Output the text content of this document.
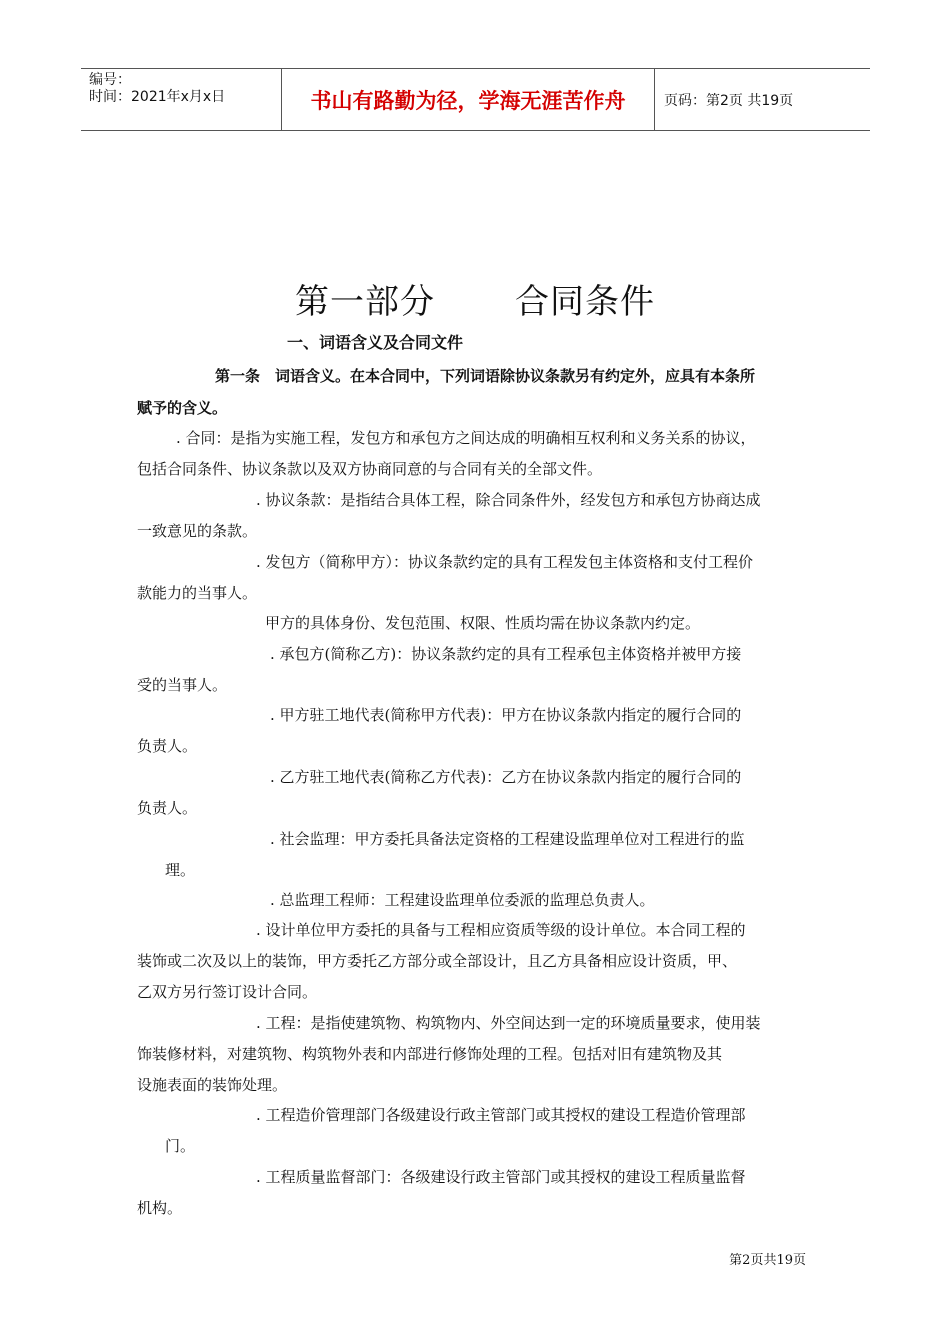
编号：
时间：2021年x月x日	书山有路勤为径，学海无涯苦作舟	页码：第2页 共19页
第一部分 合同条件
一、词语含义及合同文件
第一条　词语含义。在本合同中，下列词语除协议条款另有约定外，应具有本条所
赋予的含义。
. 合同：是指为实施工程，发包方和承包方之间达成的明确相互权利和义务关系的协议，
包括合同条件、协议条款以及双方协商同意的与合同有关的全部文件。
. 协议条款：是指结合具体工程，除合同条件外，经发包方和承包方协商达成
一致意见的条款。
. 发包方（简称甲方）：协议条款约定的具有工程发包主体资格和支付工程价
款能力的当事人。
甲方的具体身份、发包范围、权限、性质均需在协议条款内约定。
. 承包方(简称乙方)：协议条款约定的具有工程承包主体资格并被甲方接
受的当事人。
. 甲方驻工地代表(简称甲方代表)：甲方在协议条款内指定的履行合同的
负责人。
. 乙方驻工地代表(简称乙方代表)：乙方在协议条款内指定的履行合同的
负责人。
. 社会监理：甲方委托具备法定资格的工程建设监理单位对工程进行的监
理。
. 总监理工程师：工程建设监理单位委派的监理总负责人。
. 设计单位甲方委托的具备与工程相应资质等级的设计单位。本合同工程的
装饰或二次及以上的装饰，甲方委托乙方部分或全部设计，且乙方具备相应设计资质，甲、
乙双方另行签订设计合同。
. 工程：是指使建筑物、构筑物内、外空间达到一定的环境质量要求，使用装
饰装修材料，对建筑物、构筑物外表和内部进行修饰处理的工程。包括对旧有建筑物及其
设施表面的装饰处理。
. 工程造价管理部门各级建设行政主管部门或其授权的建设工程造价管理部
门。
. 工程质量监督部门：各级建设行政主管部门或其授权的建设工程质量监督
机构。
第2页共19页
